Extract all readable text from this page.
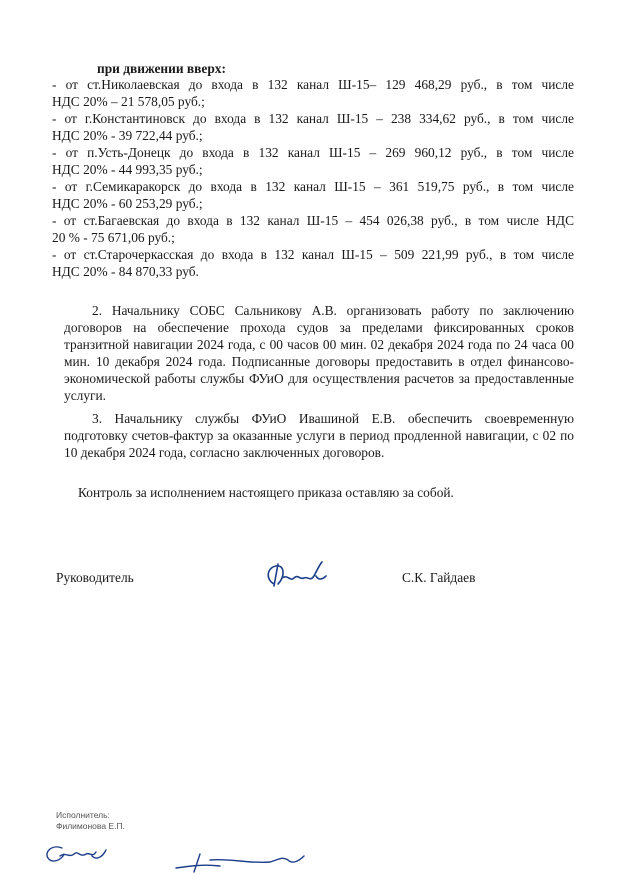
при движении вверх:

- от ст.Николаевская до входа в 132 канал Ш-15– 129 468,29 руб., в том числе
НДС 20% – 21 578,05 руб.;

- от г.Константиновск до входа в 132 канал Ш-15 – 238 334,62 руб., в том числе
НДС 20% - 39 722,44 руб.;

- от п.Усть-Донецк до входа в 132 канал Ш-15 – 269 960,12 руб., в том числе
НДС 20% - 44 993,35 руб.;

- от г.Семикаракорск до входа в 132 канал Ш-15 – 361 519,75 руб., в том числе
НДС 20% - 60 253,29 руб.;

- от ст.Багаевская до входа в 132 канал Ш-15 – 454 026,38 руб., в том числе НДС
20 % - 75 671,06 руб.;

- от ст.Старочеркасская до входа в 132 канал Ш-15 – 509 221,99 руб., в том числе
НДС 20% - 84 870,33 руб.

2. Начальнику СОБС Сальникову А.В. организовать работу по заключению договоров на обеспечение прохода судов за пределами фиксированных сроков транзитной навигации 2024 года, с 00 часов 00 мин. 02 декабря 2024 года по 24 часа 00 мин. 10 декабря 2024 года. Подписанные договоры предоставить в отдел финансово-экономической работы службы ФУиО для осуществления расчетов за предоставленные услуги.

3. Начальнику службы ФУиО Ивашиной Е.В. обеспечить своевременную подготовку счетов-фактур за оказанные услуги в период продленной навигации, с 02 по 10 декабря 2024 года, согласно заключенных договоров.

Контроль за исполнением настоящего приказа оставляю за собой.
Руководитель	С.К. Гайдаев
Исполнитель:
Филимонова Е.П.
